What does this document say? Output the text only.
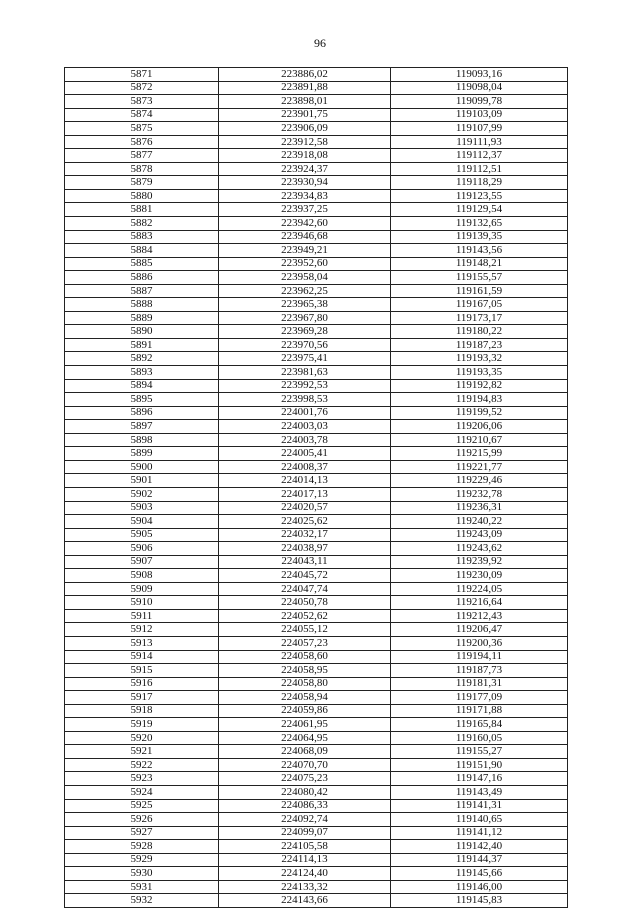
96
5871	223886,02	119093,16
5872	223891,88	119098,04
5873	223898,01	119099,78
5874	223901,75	119103,09
5875	223906,09	119107,99
5876	223912,58	119111,93
5877	223918,08	119112,37
5878	223924,37	119112,51
5879	223930,94	119118,29
5880	223934,83	119123,55
5881	223937,25	119129,54
5882	223942,60	119132,65
5883	223946,68	119139,35
5884	223949,21	119143,56
5885	223952,60	119148,21
5886	223958,04	119155,57
5887	223962,25	119161,59
5888	223965,38	119167,05
5889	223967,80	119173,17
5890	223969,28	119180,22
5891	223970,56	119187,23
5892	223975,41	119193,32
5893	223981,63	119193,35
5894	223992,53	119192,82
5895	223998,53	119194,83
5896	224001,76	119199,52
5897	224003,03	119206,06
5898	224003,78	119210,67
5899	224005,41	119215,99
5900	224008,37	119221,77
5901	224014,13	119229,46
5902	224017,13	119232,78
5903	224020,57	119236,31
5904	224025,62	119240,22
5905	224032,17	119243,09
5906	224038,97	119243,62
5907	224043,11	119239,92
5908	224045,72	119230,09
5909	224047,74	119224,05
5910	224050,78	119216,64
5911	224052,62	119212,43
5912	224055,12	119206,47
5913	224057,23	119200,36
5914	224058,60	119194,11
5915	224058,95	119187,73
5916	224058,80	119181,31
5917	224058,94	119177,09
5918	224059,86	119171,88
5919	224061,95	119165,84
5920	224064,95	119160,05
5921	224068,09	119155,27
5922	224070,70	119151,90
5923	224075,23	119147,16
5924	224080,42	119143,49
5925	224086,33	119141,31
5926	224092,74	119140,65
5927	224099,07	119141,12
5928	224105,58	119142,40
5929	224114,13	119144,37
5930	224124,40	119145,66
5931	224133,32	119146,00
5932	224143,66	119145,83
